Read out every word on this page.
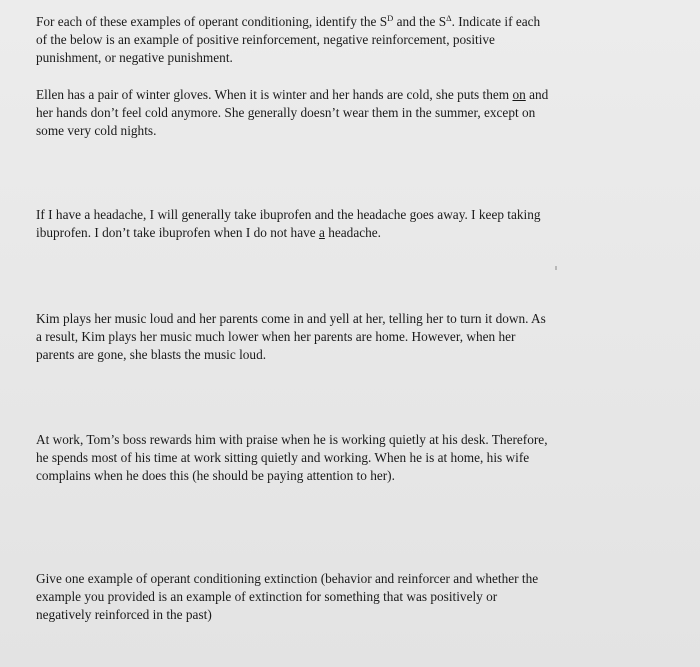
For each of these examples of operant conditioning, identify the $S^D$ and the $S^\Delta$. Indicate if each
of the below is an example of positive reinforcement, negative reinforcement, positive
punishment, or negative punishment.

Ellen has a pair of winter gloves. When it is winter and her hands are cold, she puts them on and
her hands don’t feel cold anymore. She generally doesn’t wear them in the summer, except on
some very cold nights.

If I have a headache, I will generally take ibuprofen and the headache goes away. I keep taking
ibuprofen. I don’t take ibuprofen when I do not have a headache.

Kim plays her music loud and her parents come in and yell at her, telling her to turn it down. As
a result, Kim plays her music much lower when her parents are home. However, when her
parents are gone, she blasts the music loud.

At work, Tom’s boss rewards him with praise when he is working quietly at his desk. Therefore,
he spends most of his time at work sitting quietly and working. When he is at home, his wife
complains when he does this (he should be paying attention to her).

Give one example of operant conditioning extinction (behavior and reinforcer and whether the
example you provided is an example of extinction for something that was positively or
negatively reinforced in the past)
